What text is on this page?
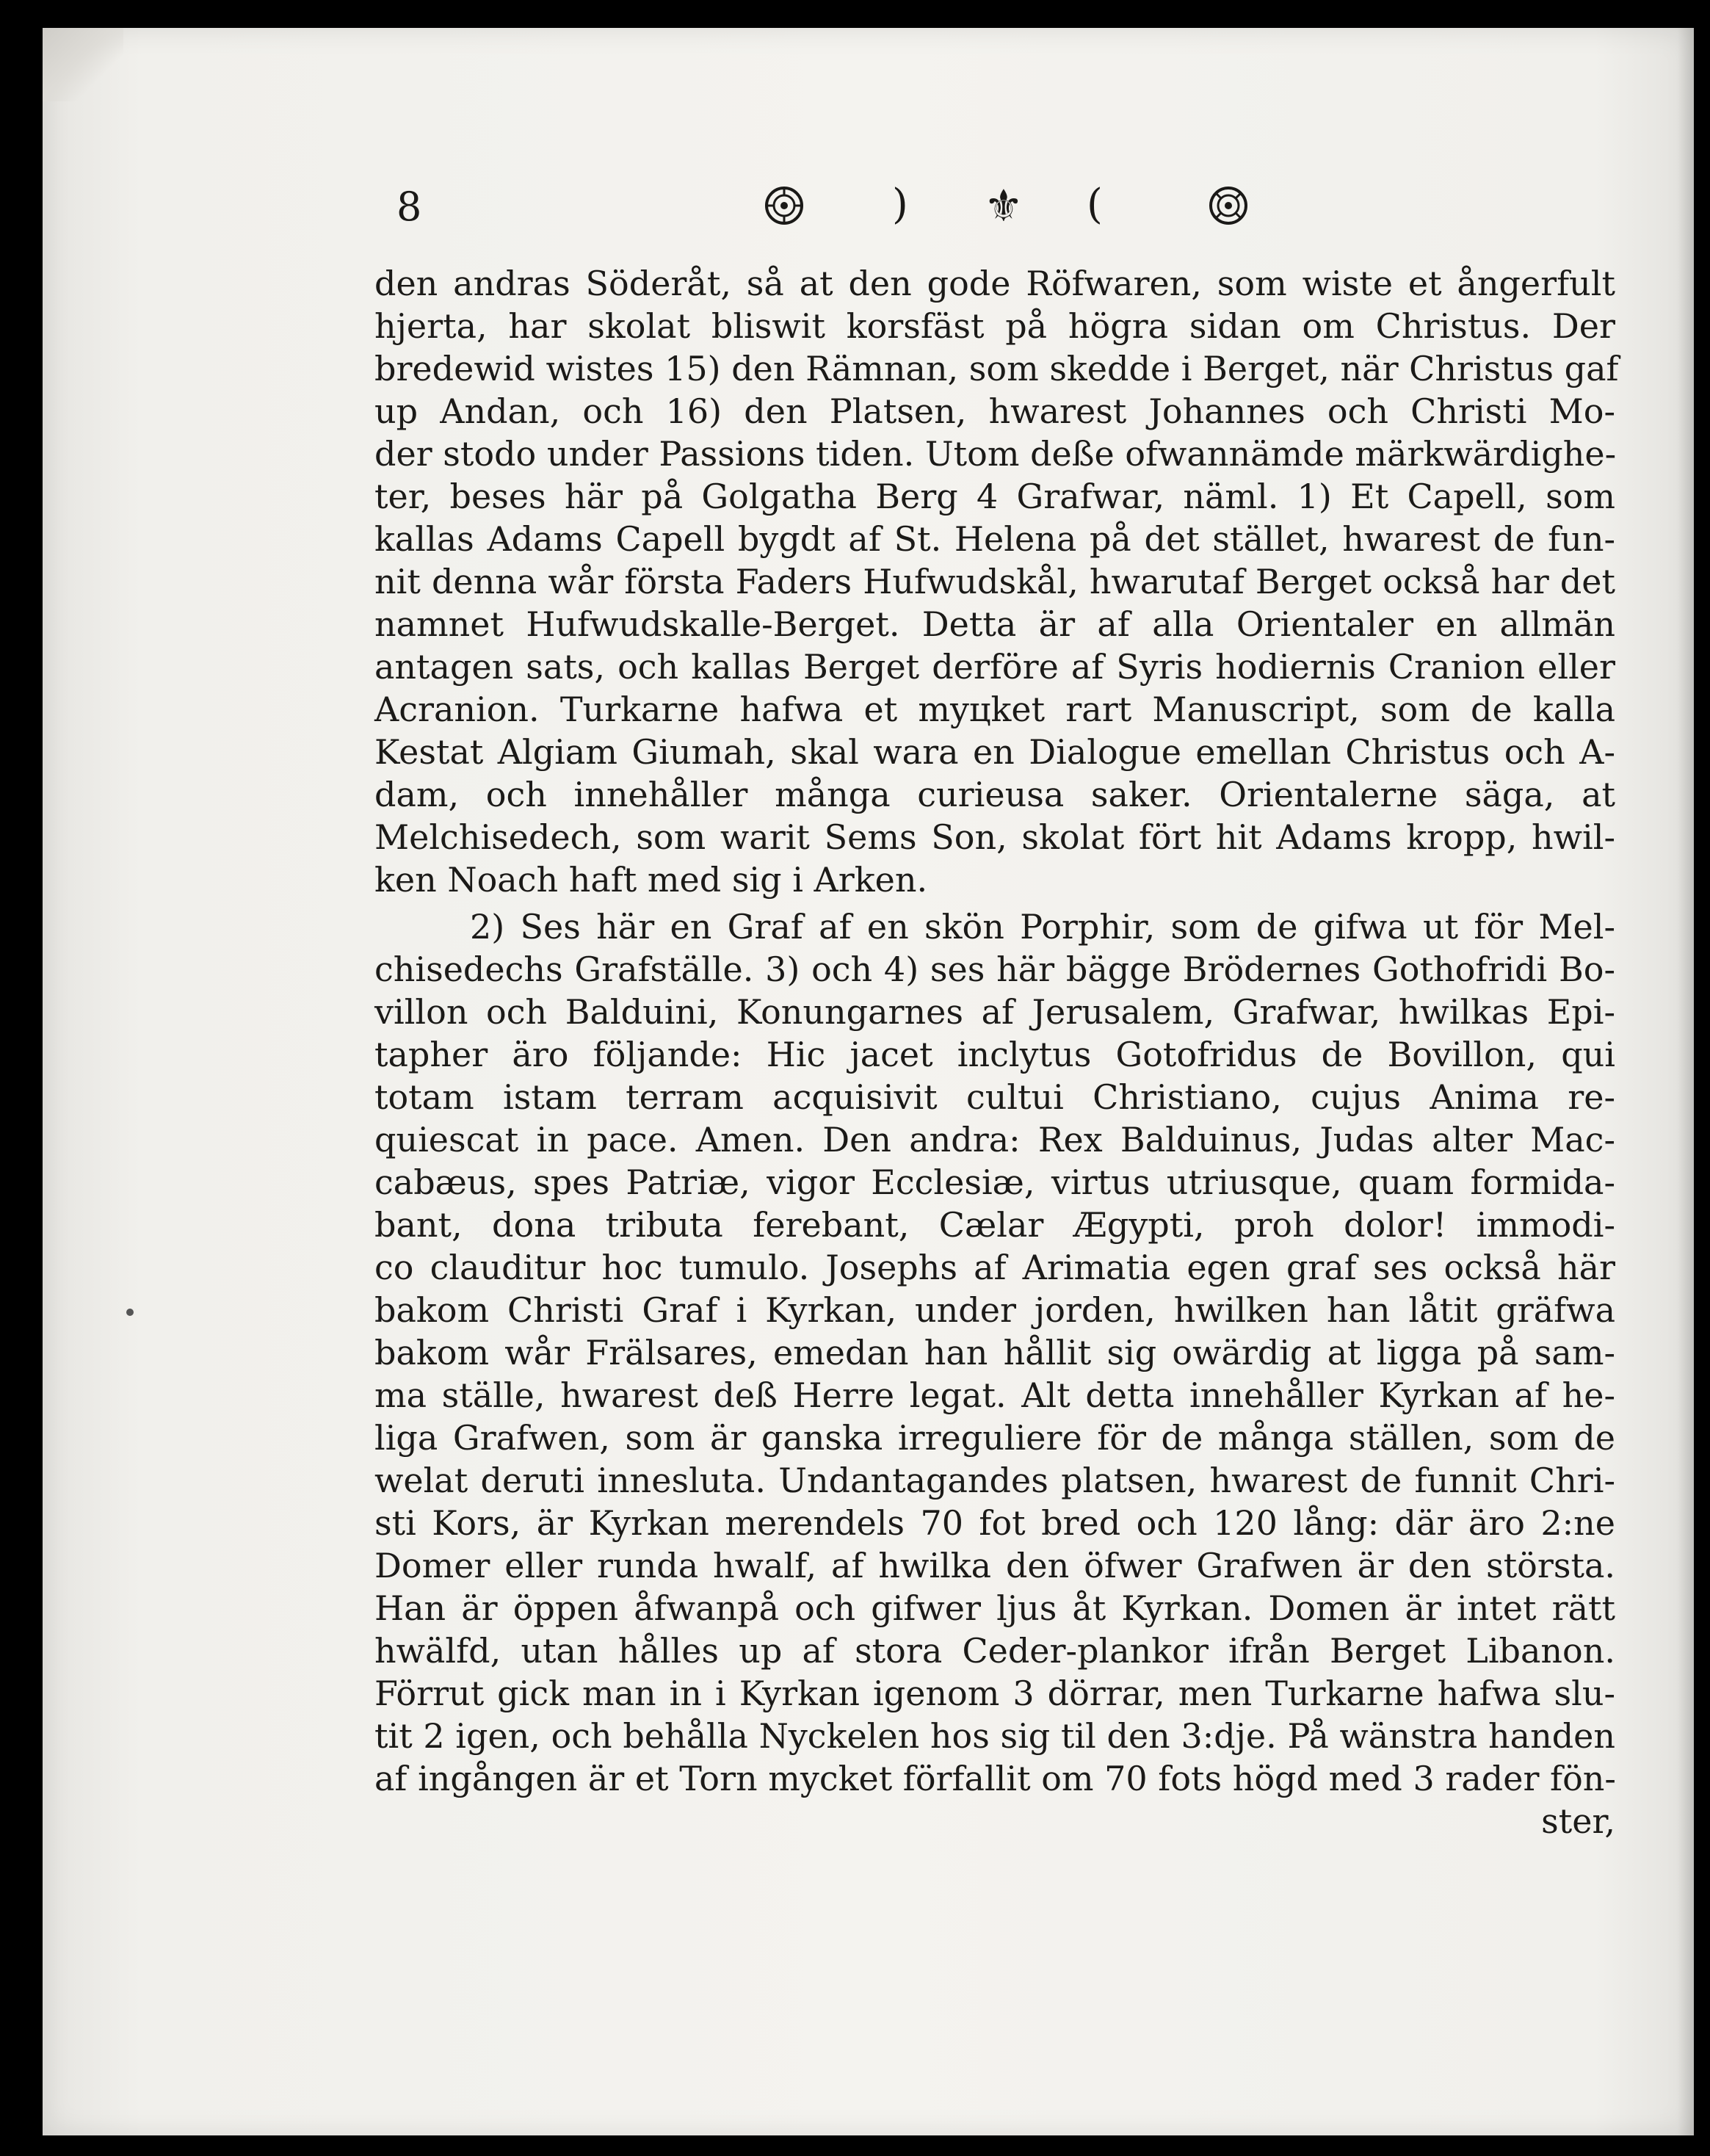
8	) ⚜ (
den andras Söderåt, så at den gode Röfwaren, som wiste et ångerfult
hjerta, har skolat bliswit korsfäst på högra sidan om Christus. Der
bredewid wistes 15) den Rämnan, som skedde i Berget, när Christus gaf
up Andan, och 16) den Platsen, hwarest Johannes och Christi Mo-
der stodo under Passions tiden. Utom deße ofwannämde märkwärdighe-
ter, beses här på Golgatha Berg 4 Grafwar, näml. 1) Et Capell, som
kallas Adams Capell bygdt af St. Helena på det stället, hwarest de fun-
nit denna wår första Faders Hufwudskål, hwarutaf Berget också har det
namnet Hufwudskalle-Berget. Detta är af alla Orientaler en allmän
antagen sats, och kallas Berget derföre af Syris hodiernis Cranion eller
Acranion. Turkarne hafwa et myцket rart Manuscript, som de kalla
Kestat Algiam Giumah, skal wara en Dialogue emellan Christus och A-
dam, och innehåller många curieusa saker. Orientalerne säga, at
Melchisedech, som warit Sems Son, skolat fört hit Adams kropp, hwil-
ken Noach haft med sig i Arken.
2) Ses här en Graf af en skön Porphir, som de gifwa ut för Mel-
chisedechs Grafställe. 3) och 4) ses här bägge Brödernes Gothofridi Bo-
villon och Balduini, Konungarnes af Jerusalem, Grafwar, hwilkas Epi-
tapher äro följande: Hic jacet inclytus Gotofridus de Bovillon, qui
totam istam terram acquisivit cultui Christiano, cujus Anima re-
quiescat in pace. Amen. Den andra: Rex Balduinus, Judas alter Mac-
cabæus, spes Patriæ, vigor Ecclesiæ, virtus utriusque, quam formida-
bant, dona tributa ferebant, Cælar Ægypti, proh dolor! immodi-
co clauditur hoc tumulo. Josephs af Arimatia egen graf ses också här
bakom Christi Graf i Kyrkan, under jorden, hwilken han låtit gräfwa
bakom wår Frälsares, emedan han hållit sig owärdig at ligga på sam-
ma ställe, hwarest deß Herre legat. Alt detta innehåller Kyrkan af he-
liga Grafwen, som är ganska irreguliere för de många ställen, som de
welat deruti innesluta. Undantagandes platsen, hwarest de funnit Chri-
sti Kors, är Kyrkan merendels 70 fot bred och 120 lång: där äro 2:ne
Domer eller runda hwalf, af hwilka den öfwer Grafwen är den största.
Han är öppen åfwanpå och gifwer ljus åt Kyrkan. Domen är intet rätt
hwälfd, utan hålles up af stora Ceder-plankor ifrån Berget Libanon.
Förrut gick man in i Kyrkan igenom 3 dörrar, men Turkarne hafwa slu-
tit 2 igen, och behålla Nyckelen hos sig til den 3:dje. På wänstra handen
af ingången är et Torn mycket förfallit om 70 fots högd med 3 rader fön-
ster,
